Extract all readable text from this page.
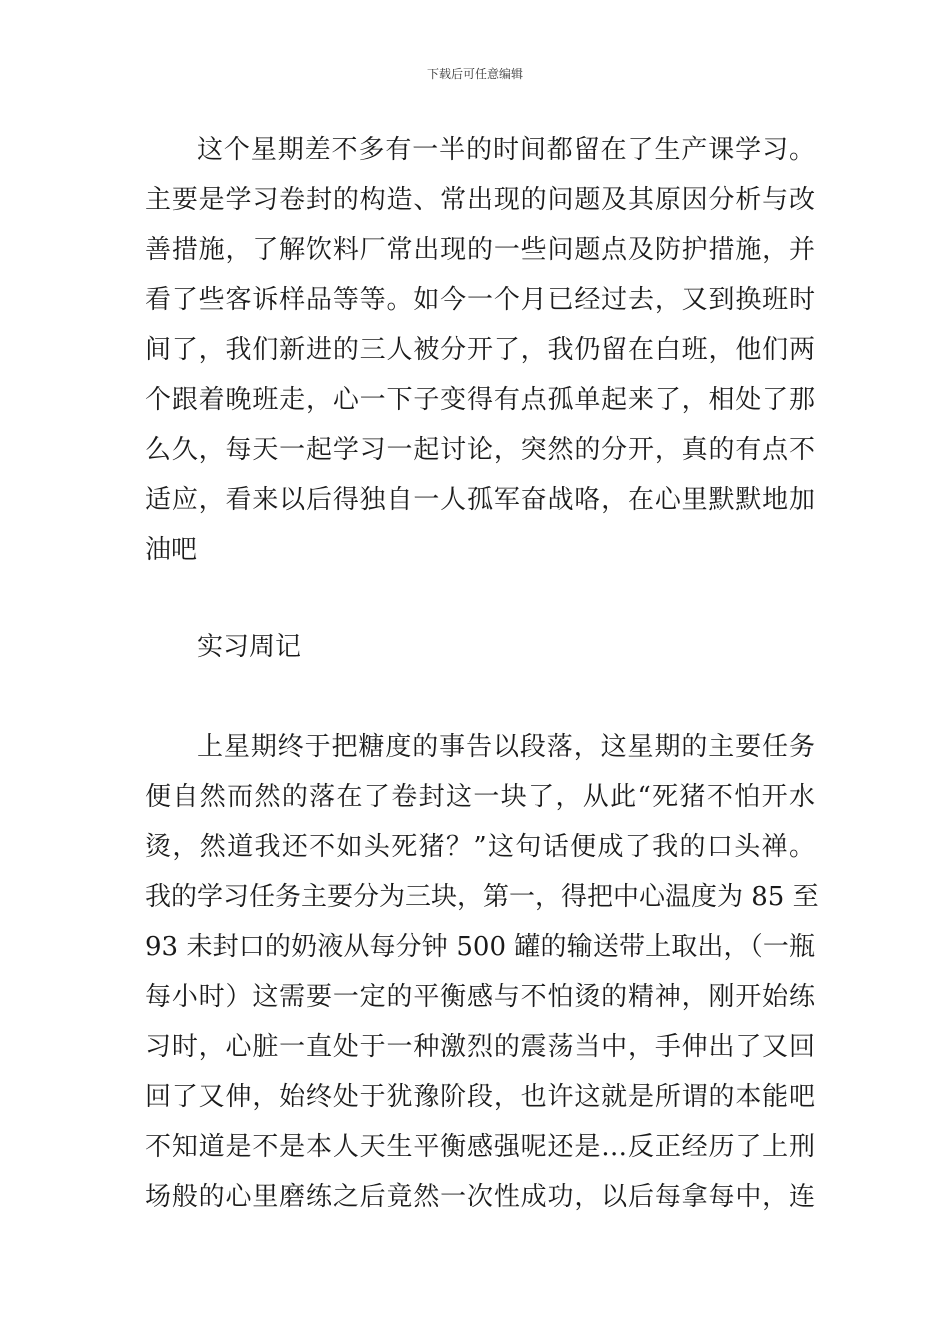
下载后可任意编辑
这个星期差不多有一半的时间都留在了生产课学习。
主要是学习卷封的构造、常出现的问题及其原因分析与改
善措施，了解饮料厂常出现的一些问题点及防护措施，并
看了些客诉样品等等。如今一个月已经过去，又到换班时
间了，我们新进的三人被分开了，我仍留在白班，他们两
个跟着晚班走，心一下子变得有点孤单起来了，相处了那
么久，每天一起学习一起讨论，突然的分开，真的有点不
适应，看来以后得独自一人孤军奋战咯，在心里默默地加
油吧
实习周记
上星期终于把糖度的事告以段落，这星期的主要任务
便自然而然的落在了卷封这一块了，从此“死猪不怕开水
烫，然道我还不如头死猪？”这句话便成了我的口头禅。
我的学习任务主要分为三块，第一，得把中心温度为 85 至
93 未封口的奶液从每分钟 500 罐的输送带上取出，（一瓶
每小时）这需要一定的平衡感与不怕烫的精神，刚开始练
习时，心脏一直处于一种激烈的震荡当中，手伸出了又回
回了又伸，始终处于犹豫阶段，也许这就是所谓的本能吧
不知道是不是本人天生平衡感强呢还是…反正经历了上刑
场般的心里磨练之后竟然一次性成功，以后每拿每中，连
